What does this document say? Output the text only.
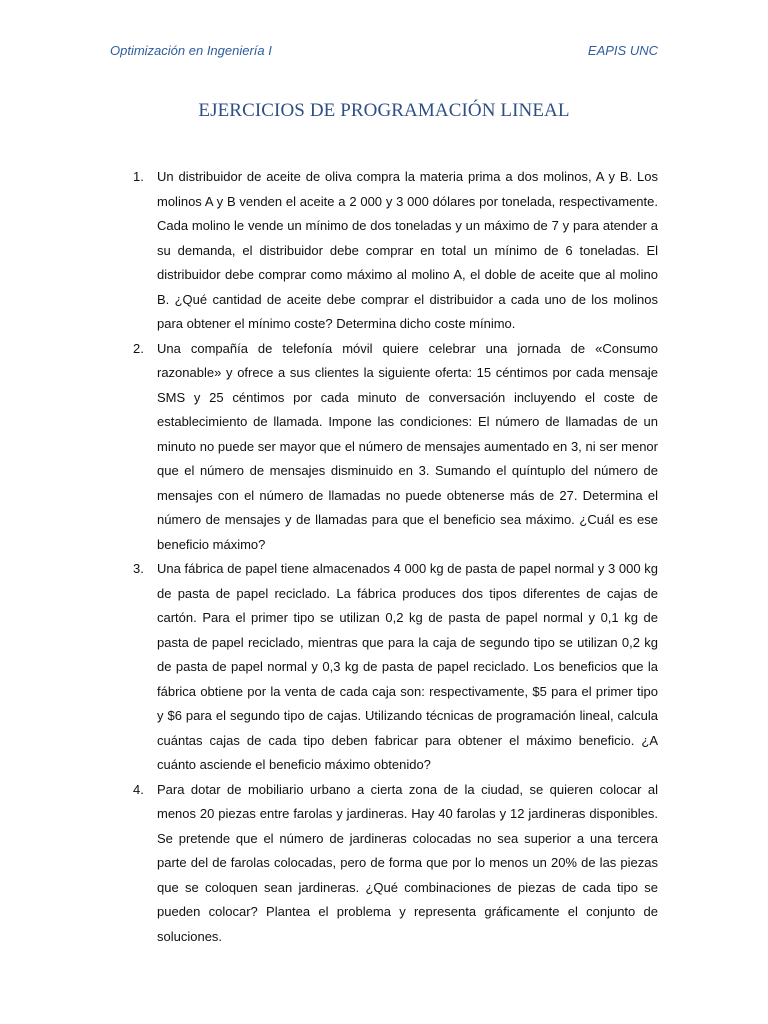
Optimización en Ingeniería I	EAPIS UNC
EJERCICIOS DE PROGRAMACIÓN LINEAL
1. Un distribuidor de aceite de oliva compra la materia prima a dos molinos, A y B. Los molinos A y B venden el aceite a 2 000 y 3 000 dólares por tonelada, respectivamente. Cada molino le vende un mínimo de dos toneladas y un máximo de 7 y para atender a su demanda, el distribuidor debe comprar en total un mínimo de 6 toneladas. El distribuidor debe comprar como máximo al molino A, el doble de aceite que al molino B. ¿Qué cantidad de aceite debe comprar el distribuidor a cada uno de los molinos para obtener el mínimo coste? Determina dicho coste mínimo.
2. Una compañía de telefonía móvil quiere celebrar una jornada de «Consumo razonable» y ofrece a sus clientes la siguiente oferta: 15 céntimos por cada mensaje SMS y 25 céntimos por cada minuto de conversación incluyendo el coste de establecimiento de llamada. Impone las condiciones: El número de llamadas de un minuto no puede ser mayor que el número de mensajes aumentado en 3, ni ser menor que el número de mensajes disminuido en 3. Sumando el quíntuplo del número de mensajes con el número de llamadas no puede obtenerse más de 27. Determina el número de mensajes y de llamadas para que el beneficio sea máximo. ¿Cuál es ese beneficio máximo?
3. Una fábrica de papel tiene almacenados 4 000 kg de pasta de papel normal y 3 000 kg de pasta de papel reciclado. La fábrica produces dos tipos diferentes de cajas de cartón. Para el primer tipo se utilizan 0,2 kg de pasta de papel normal y 0,1 kg de pasta de papel reciclado, mientras que para la caja de segundo tipo se utilizan 0,2 kg de pasta de papel normal y 0,3 kg de pasta de papel reciclado. Los beneficios que la fábrica obtiene por la venta de cada caja son: respectivamente, $5 para el primer tipo y $6 para el segundo tipo de cajas. Utilizando técnicas de programación lineal, calcula cuántas cajas de cada tipo deben fabricar para obtener el máximo beneficio. ¿A cuánto asciende el beneficio máximo obtenido?
4. Para dotar de mobiliario urbano a cierta zona de la ciudad, se quieren colocar al menos 20 piezas entre farolas y jardineras. Hay 40 farolas y 12 jardineras disponibles. Se pretende que el número de jardineras colocadas no sea superior a una tercera parte del de farolas colocadas, pero de forma que por lo menos un 20% de las piezas que se coloquen sean jardineras. ¿Qué combinaciones de piezas de cada tipo se pueden colocar? Plantea el problema y representa gráficamente el conjunto de soluciones.
